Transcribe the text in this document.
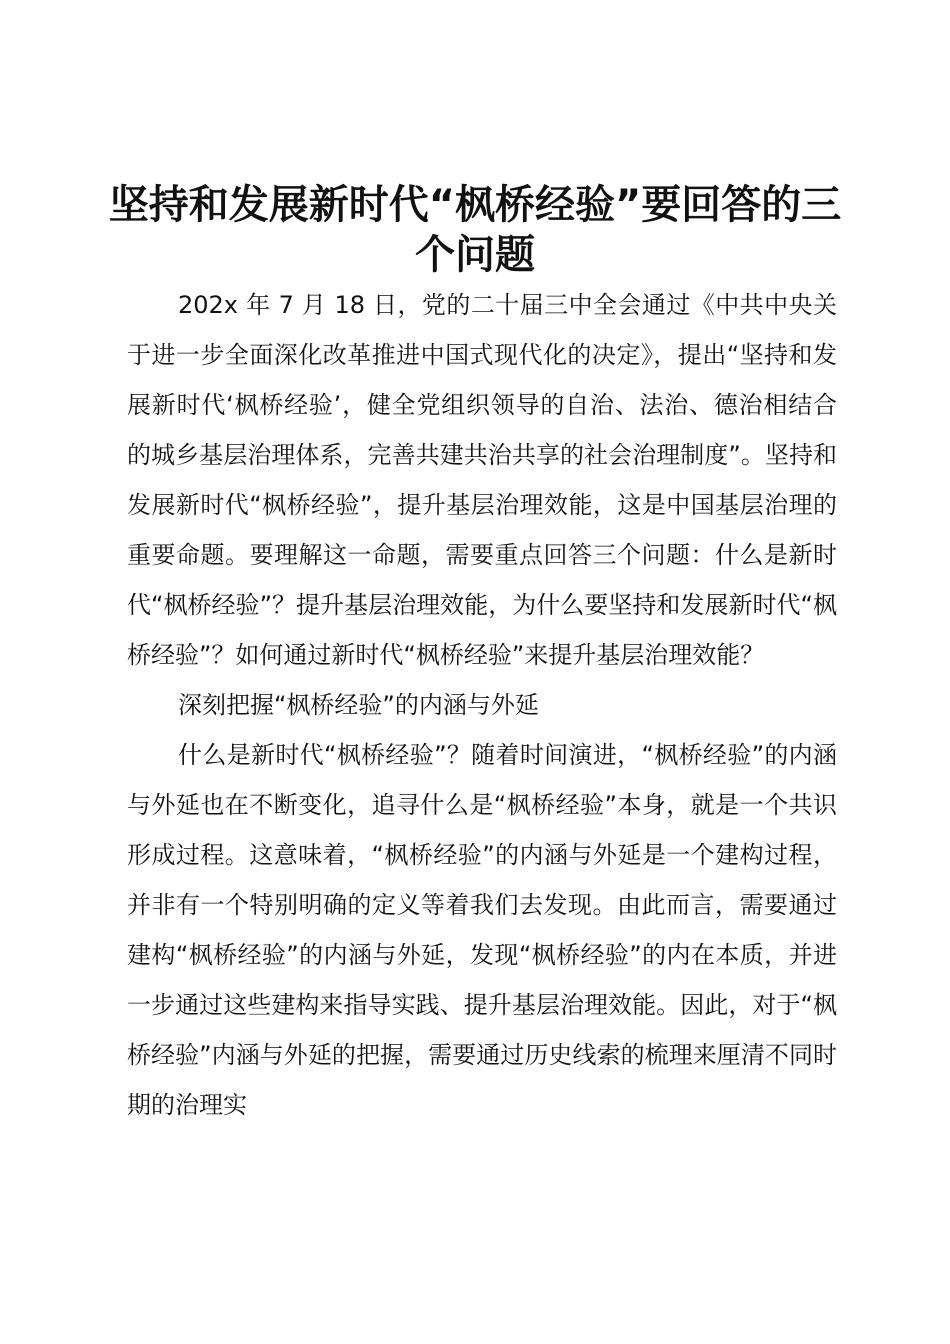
坚持和发展新时代“枫桥经验”要回答的三个问题

202x 年 7 月 18 日，党的二十届三中全会通过《中共中央关于进一步全面深化改革推进中国式现代化的决定》，提出“坚持和发展新时代‘枫桥经验’，健全党组织领导的自治、法治、德治相结合的城乡基层治理体系，完善共建共治共享的社会治理制度”。坚持和发展新时代“枫桥经验”，提升基层治理效能，这是中国基层治理的重要命题。要理解这一命题，需要重点回答三个问题：什么是新时代“枫桥经验”？提升基层治理效能，为什么要坚持和发展新时代“枫桥经验”？如何通过新时代“枫桥经验”来提升基层治理效能？

深刻把握“枫桥经验”的内涵与外延

什么是新时代“枫桥经验”？随着时间演进，“枫桥经验”的内涵与外延也在不断变化，追寻什么是“枫桥经验”本身，就是一个共识形成过程。这意味着，“枫桥经验”的内涵与外延是一个建构过程，并非有一个特别明确的定义等着我们去发现。由此而言，需要通过建构“枫桥经验”的内涵与外延，发现“枫桥经验”的内在本质，并进一步通过这些建构来指导实践、提升基层治理效能。因此，对于“枫桥经验”内涵与外延的把握，需要通过历史线索的梳理来厘清不同时期的治理实
